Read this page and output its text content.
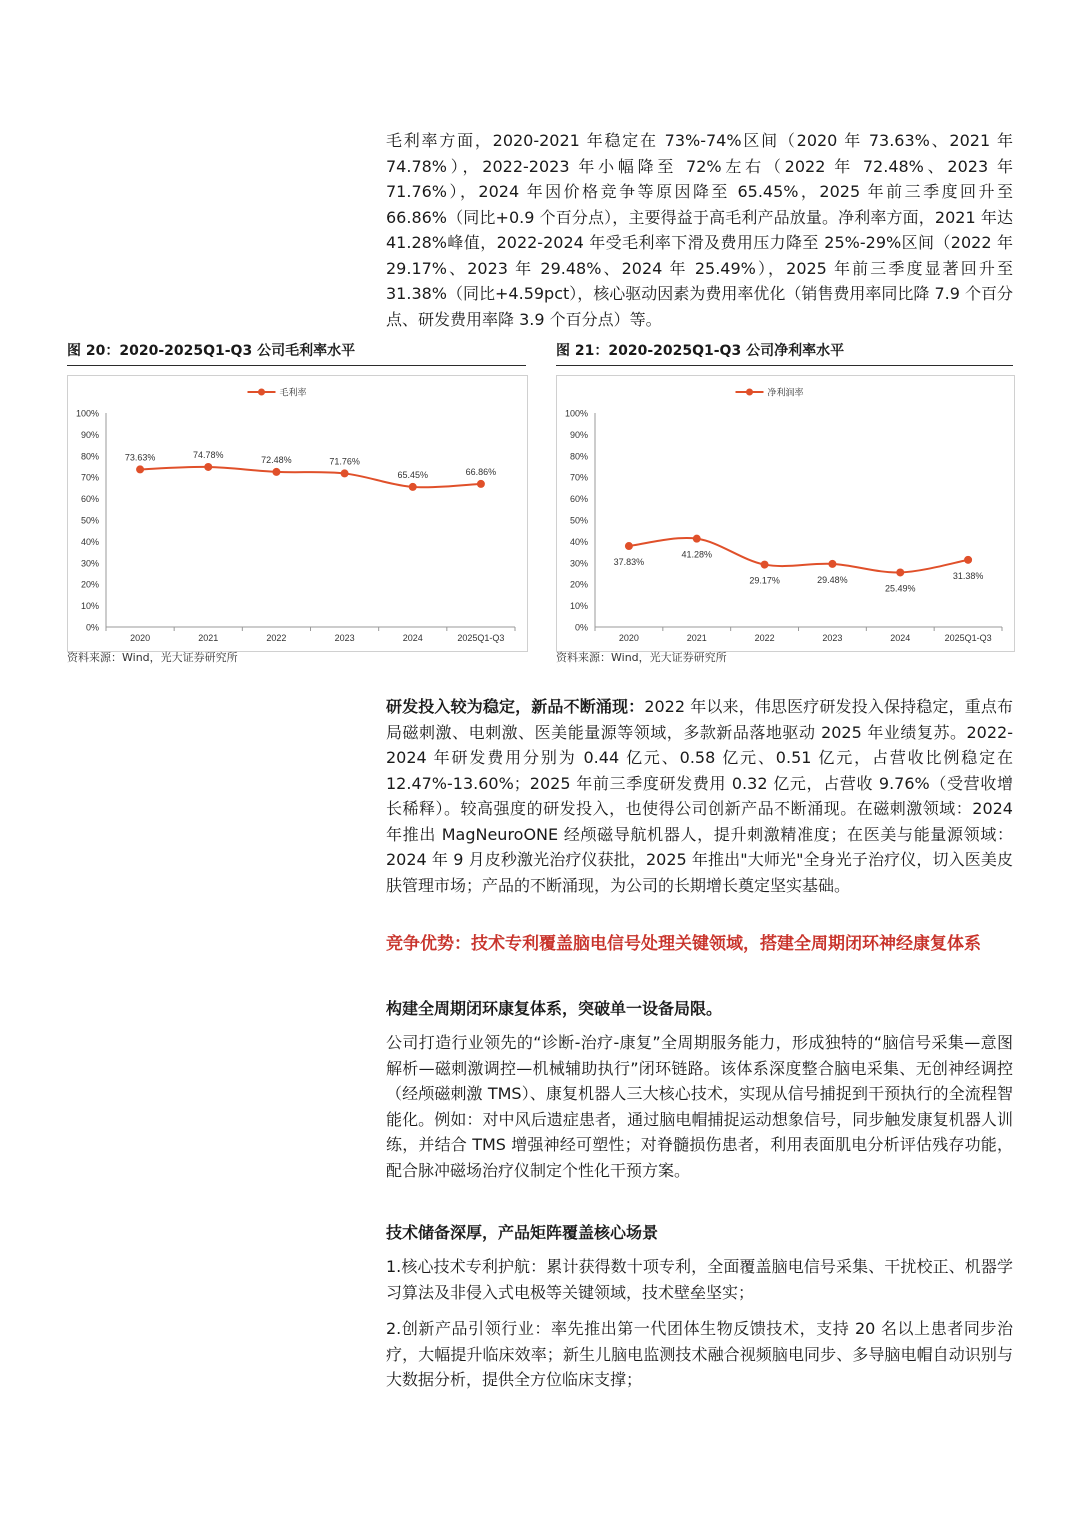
毛利率方面，2020-2021 年稳定在 73%-74%区间（2020 年 73.63%、2021 年 74.78%），2022-2023 年小幅降至 72%左右（2022 年 72.48%、2023 年 71.76%），2024 年因价格竞争等原因降至 65.45%，2025 年前三季度回升至 66.86%（同比+0.9 个百分点），主要得益于高毛利产品放量。净利率方面，2021 年达 41.28%峰值，2022-2024 年受毛利率下滑及费用压力降至 25%-29%区间（2022 年 29.17%、2023 年 29.48%、2024 年 25.49%），2025 年前三季度显著回升至 31.38%（同比+4.59pct），核心驱动因素为费用率优化（销售费用率同比降 7.9 个百分点、研发费用率降 3.9 个百分点）等。

图 20：2020-2025Q1-Q3 公司毛利率水平
毛利率
0%
10%
20%
30%
40%
50%
60%
70%
80%
90%
100%
2020	2021	2022	2023	2024	2025Q1-Q3
73.63%	74.78%	72.48%	71.76%
65.45%	66.86%
资料来源：Wind，光大证券研究所
图 21：2020-2025Q1-Q3 公司净利率水平
净利润率
0%
10%
20%
30%
40%
50%
60%
70%
80%
90%
100%
2020	2021	2022	2023	2024	2025Q1-Q3
37.83%
41.28%
29.17%	29.48%
25.49%
31.38%
资料来源：Wind，光大证券研究所

研发投入较为稳定，新品不断涌现：2022 年以来，伟思医疗研发投入保持稳定，重点布局磁刺激、电刺激、医美能量源等领域，多款新品落地驱动 2025 年业绩复苏。2022-2024 年研发费用分别为 0.44 亿元、0.58 亿元、0.51 亿元，占营收比例稳定在 12.47%-13.60%；2025 年前三季度研发费用 0.32 亿元，占营收 9.76%（受营收增长稀释）。较高强度的研发投入，也使得公司创新产品不断涌现。在磁刺激领域：2024 年推出 MagNeuroONE 经颅磁导航机器人，提升刺激精准度；在医美与能量源领域：2024 年 9 月皮秒激光治疗仪获批，2025 年推出"大师光"全身光子治疗仪，切入医美皮肤管理市场；产品的不断涌现，为公司的长期增长奠定坚实基础。

竞争优势：技术专利覆盖脑电信号处理关键领域，搭建全周期闭环神经康复体系

构建全周期闭环康复体系，突破单一设备局限。

公司打造行业领先的“诊断-治疗-康复”全周期服务能力，形成独特的“脑信号采集—意图解析—磁刺激调控—机械辅助执行”闭环链路。该体系深度整合脑电采集、无创神经调控（经颅磁刺激 TMS）、康复机器人三大核心技术，实现从信号捕捉到干预执行的全流程智能化。例如：对中风后遗症患者，通过脑电帽捕捉运动想象信号，同步触发康复机器人训练，并结合 TMS 增强神经可塑性；对脊髓损伤患者，利用表面肌电分析评估残存功能，配合脉冲磁场治疗仪制定个性化干预方案。

技术储备深厚，产品矩阵覆盖核心场景

1.核心技术专利护航：累计获得数十项专利，全面覆盖脑电信号采集、干扰校正、机器学习算法及非侵入式电极等关键领域，技术壁垒坚实；

2.创新产品引领行业：率先推出第一代团体生物反馈技术，支持 20 名以上患者同步治疗，大幅提升临床效率；新生儿脑电监测技术融合视频脑电同步、多导脑电帽自动识别与大数据分析，提供全方位临床支撑；
